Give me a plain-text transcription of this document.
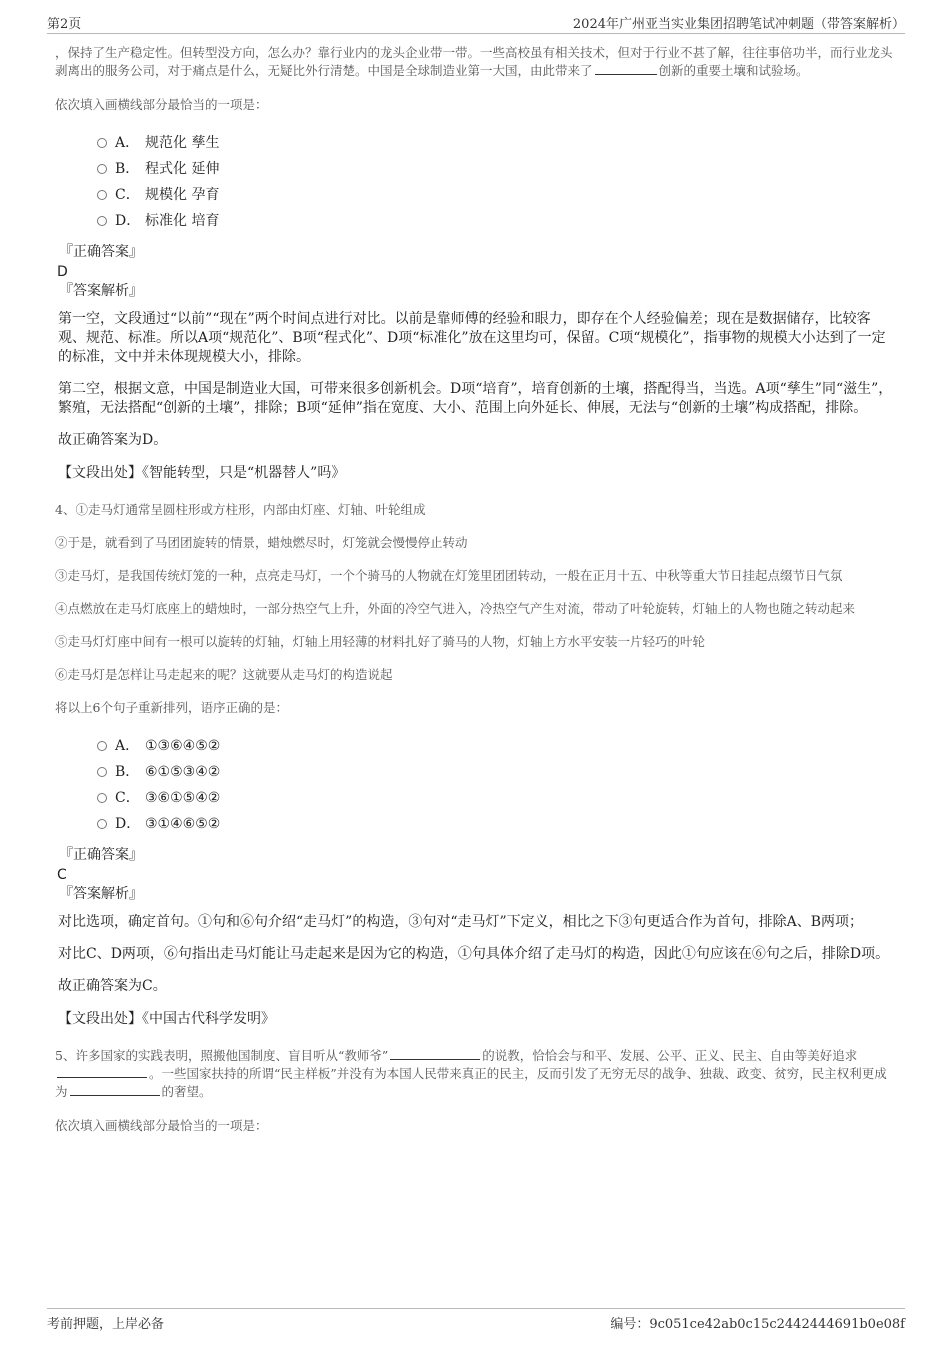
第2页	2024年广州亚当实业集团招聘笔试冲刺题（带答案解析）

，保持了生产稳定性。但转型没方向，怎么办？靠行业内的龙头企业带一带。一些高校虽有相关技术，但对于行业不甚了解，往往事倍功半，而行业龙头剥离出的服务公司，对于痛点是什么，无疑比外行清楚。中国是全球制造业第一大国，由此带来了	创新的重要土壤和试验场。

依次填入画横线部分最恰当的一项是：

A． 规范化 孳生
B． 程式化 延伸
C． 规模化 孕育
D． 标准化 培育

『正确答案』

D

『答案解析』

第一空，文段通过“以前”“现在”两个时间点进行对比。以前是靠师傅的经验和眼力，即存在个人经验偏差；现在是数据储存，比较客观、规范、标准。所以A项“规范化”、B项“程式化”、D项“标准化”放在这里均可，保留。C项“规模化”，指事物的规模大小达到了一定的标准，文中并未体现规模大小，排除。

第二空，根据文意，中国是制造业大国，可带来很多创新机会。D项“培育”，培育创新的土壤，搭配得当，当选。A项“孳生”同“滋生”，繁殖，无法搭配“创新的土壤”，排除；B项“延伸”指在宽度、大小、范围上向外延长、伸展，无法与“创新的土壤”构成搭配，排除。

故正确答案为D。

【文段出处】《智能转型，只是“机器替人”吗》

4、①走马灯通常呈圆柱形或方柱形，内部由灯座、灯轴、叶轮组成

②于是，就看到了马团团旋转的情景，蜡烛燃尽时，灯笼就会慢慢停止转动

③走马灯，是我国传统灯笼的一种，点亮走马灯，一个个骑马的人物就在灯笼里团团转动，一般在正月十五、中秋等重大节日挂起点缀节日气氛

④点燃放在走马灯底座上的蜡烛时，一部分热空气上升，外面的冷空气进入，冷热空气产生对流，带动了叶轮旋转，灯轴上的人物也随之转动起来

⑤走马灯灯座中间有一根可以旋转的灯轴，灯轴上用轻薄的材料扎好了骑马的人物，灯轴上方水平安装一片轻巧的叶轮

⑥走马灯是怎样让马走起来的呢？这就要从走马灯的构造说起

将以上6个句子重新排列，语序正确的是：

A． ①③⑥④⑤②
B． ⑥①⑤③④②
C． ③⑥①⑤④②
D． ③①④⑥⑤②

『正确答案』

C

『答案解析』

对比选项，确定首句。①句和⑥句介绍“走马灯”的构造，③句对“走马灯”下定义，相比之下③句更适合作为首句，排除A、B两项；

对比C、D两项，⑥句指出走马灯能让马走起来是因为它的构造，①句具体介绍了走马灯的构造，因此①句应该在⑥句之后，排除D项。

故正确答案为C。

【文段出处】《中国古代科学发明》

5、许多国家的实践表明，照搬他国制度、盲目听从“教师爷”	的说教，恰恰会与和平、发展、公平、正义、民主、自由等美好追求。一些国家扶持的所谓“民主样板”并没有为本国人民带来真正的民主，反而引发了无穷无尽的战争、独裁、政变、贫穷，民主权利更成为	的奢望。

依次填入画横线部分最恰当的一项是：

考前押题，上岸必备	编号：9c051ce42ab0c15c2442444691b0e08f
